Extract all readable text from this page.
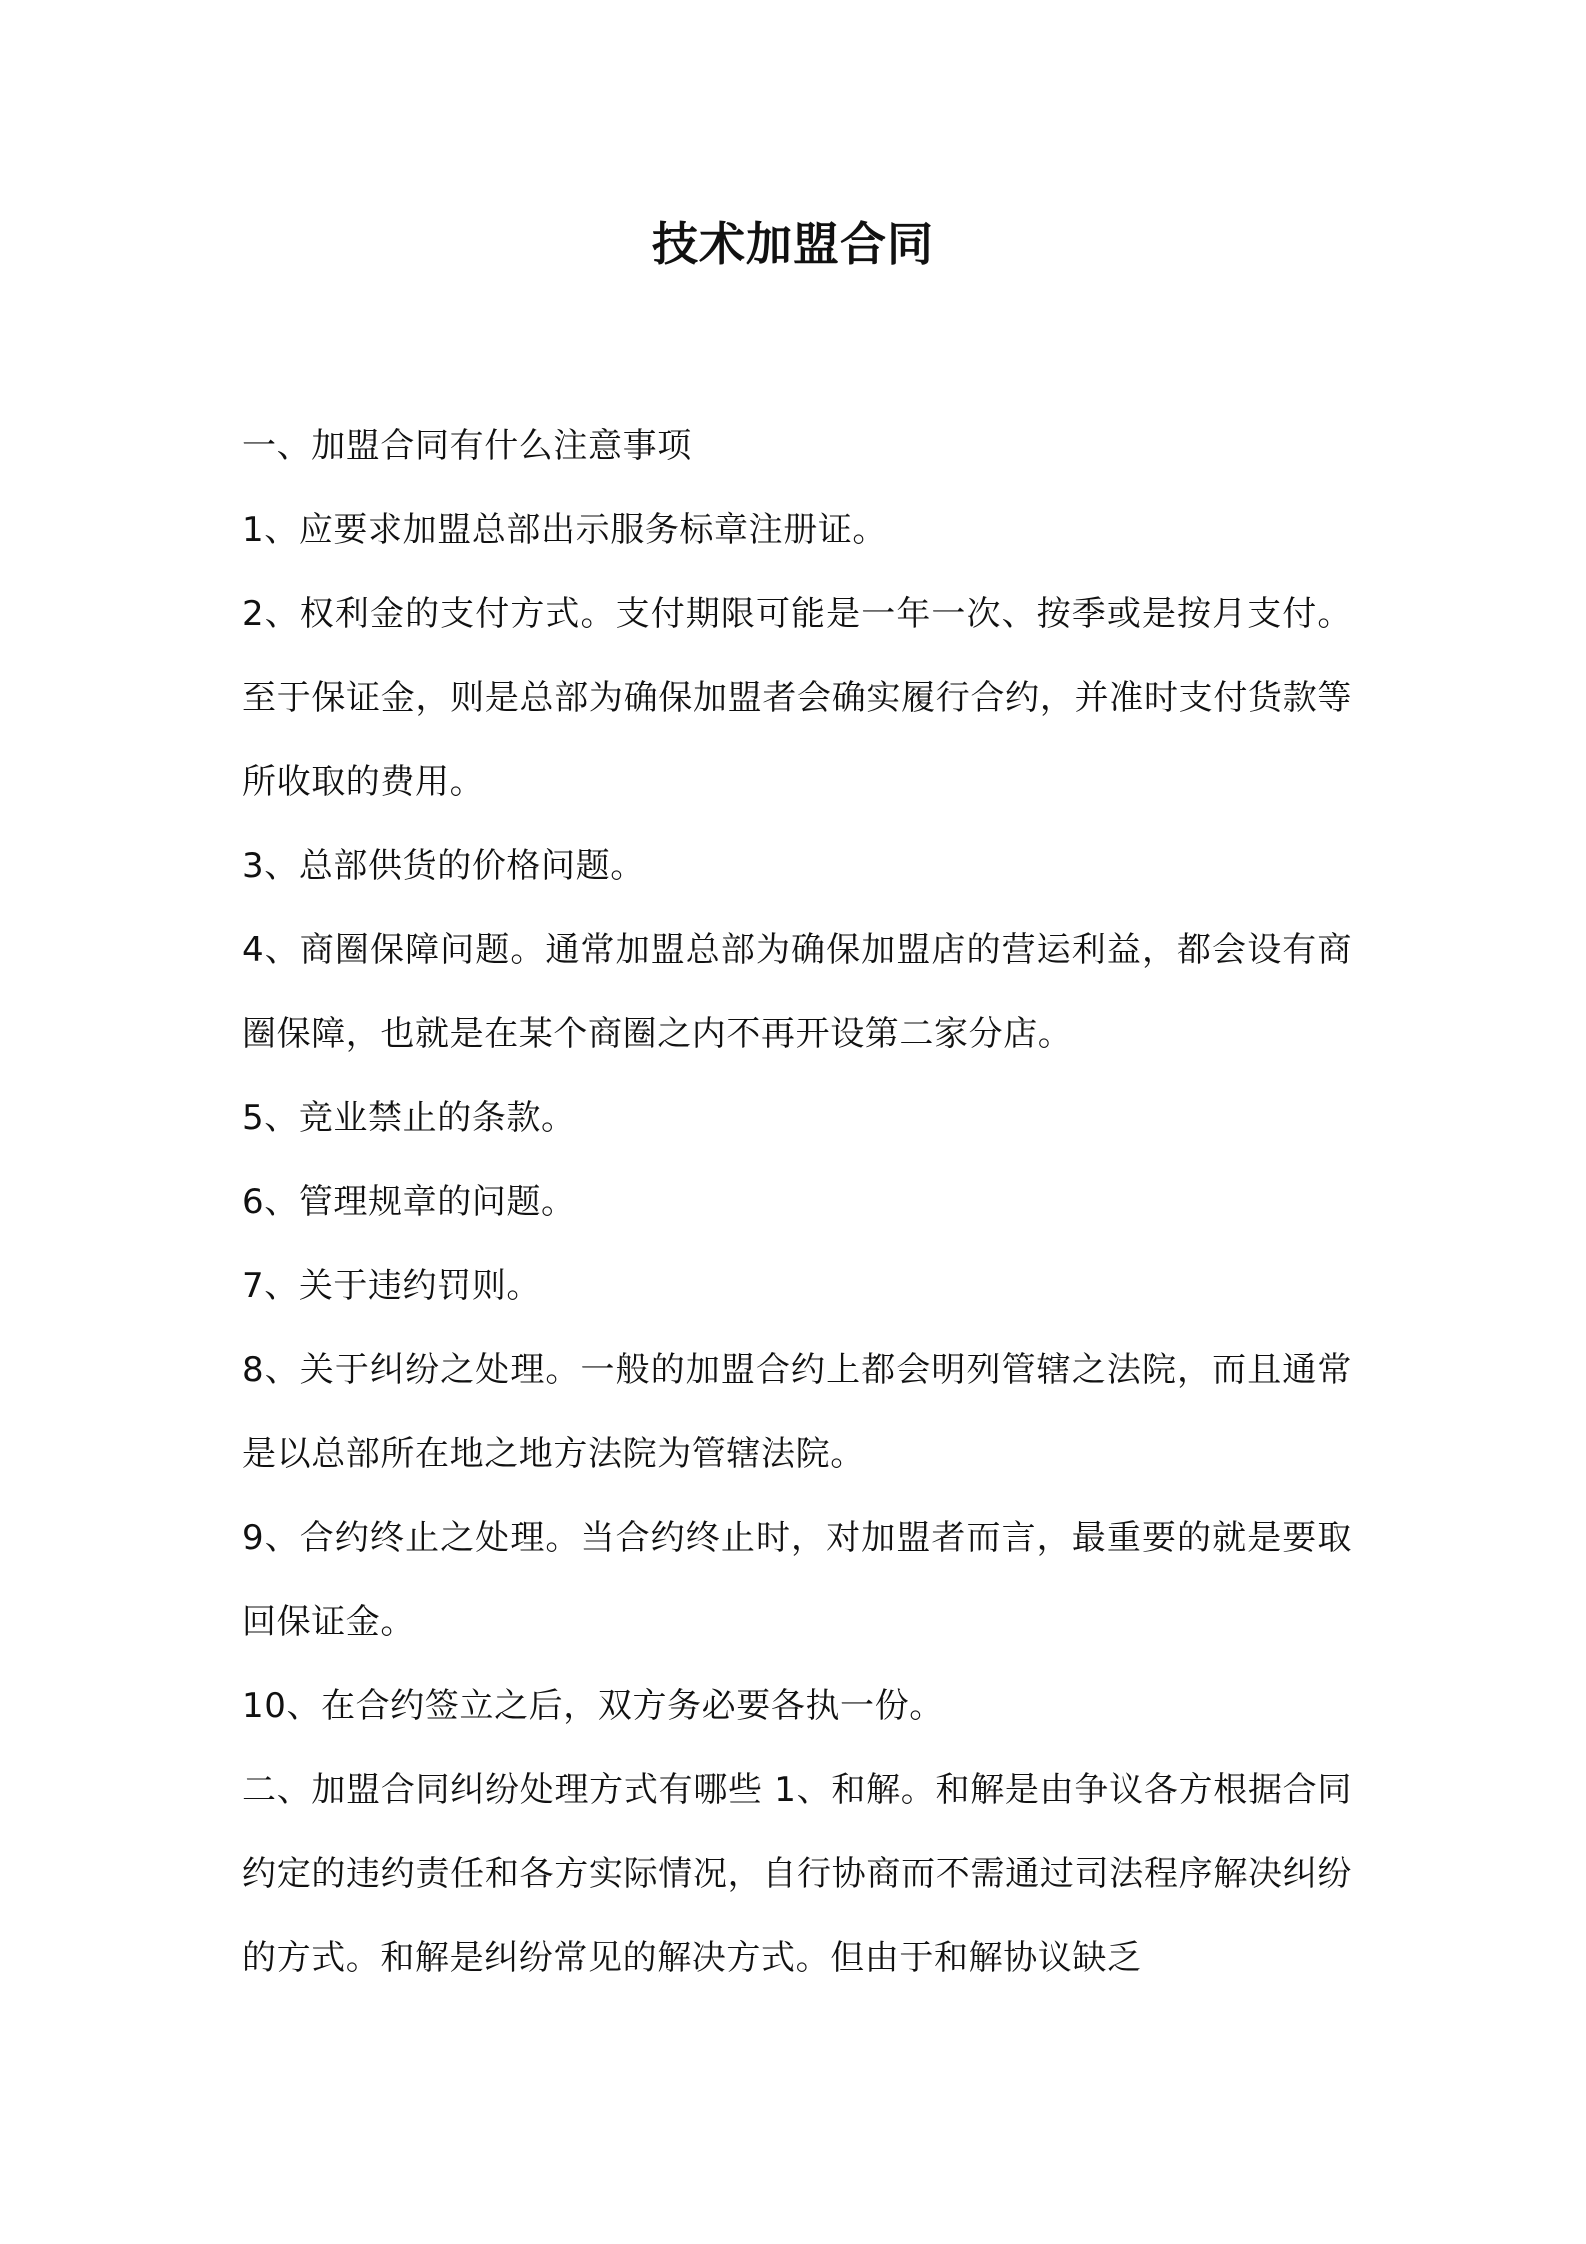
技术加盟合同

一、加盟合同有什么注意事项

1、应要求加盟总部出示服务标章注册证。

2、权利金的支付方式。支付期限可能是一年一次、按季或是按月支付。至于保证金，则是总部为确保加盟者会确实履行合约，并准时支付货款等所收取的费用。

3、总部供货的价格问题。

4、商圈保障问题。通常加盟总部为确保加盟店的营运利益，都会设有商圈保障，也就是在某个商圈之内不再开设第二家分店。

5、竞业禁止的条款。

6、管理规章的问题。

7、关于违约罚则。

8、关于纠纷之处理。一般的加盟合约上都会明列管辖之法院，而且通常是以总部所在地之地方法院为管辖法院。

9、合约终止之处理。当合约终止时，对加盟者而言，最重要的就是要取回保证金。

10、在合约签立之后，双方务必要各执一份。

二、加盟合同纠纷处理方式有哪些 1、和解。和解是由争议各方根据合同约定的违约责任和各方实际情况，自行协商而不需通过司法程序解决纠纷的方式。和解是纠纷常见的解决方式。但由于和解协议缺乏
